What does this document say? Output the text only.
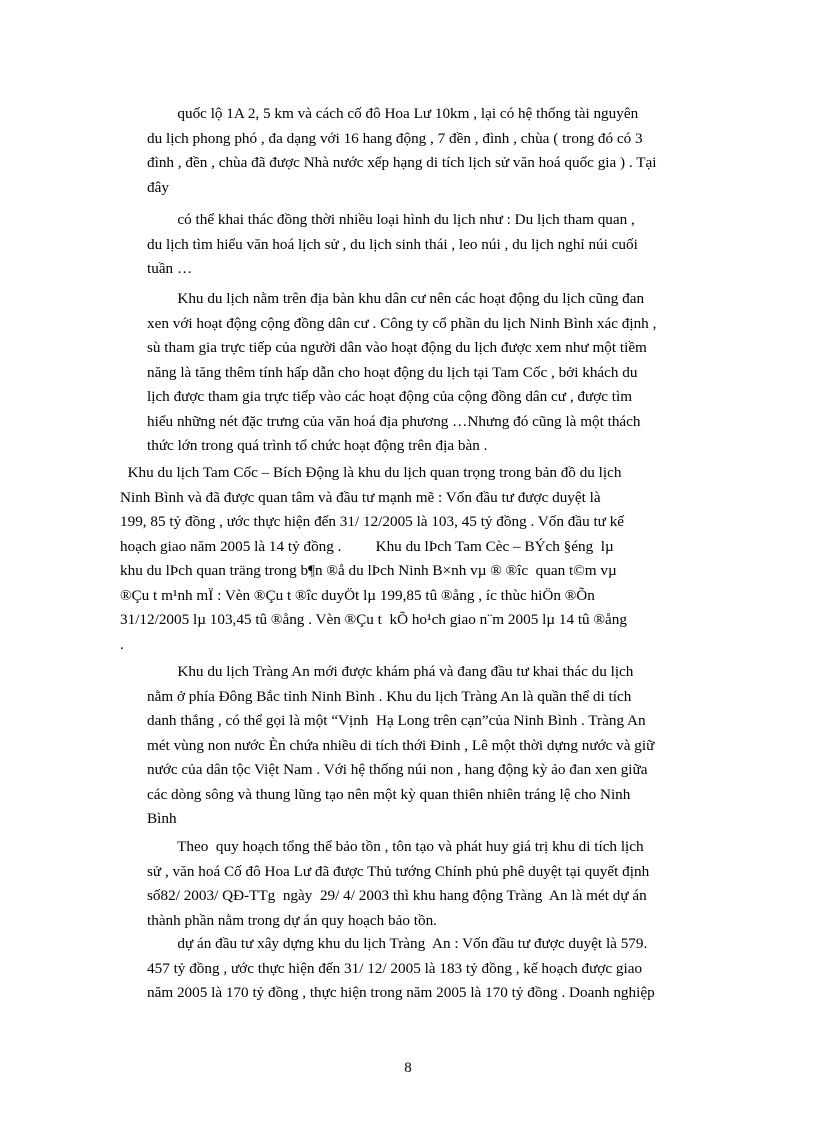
quốc lộ 1A 2, 5 km và cách cố đô Hoa Lư 10km , lại có hệ thống tài nguyên
du lịch phong phó , đa dạng với 16 hang động , 7 đền , đình , chùa ( trong đó có 3
đình , đền , chùa đã được Nhà nước xếp hạng di tích lịch sử văn hoá quốc gia ) . Tại
đây
có thể khai thác đồng thời nhiều loại hình du lịch như : Du lịch tham quan ,
du lịch tìm hiểu văn hoá lịch sử , du lịch sinh thái , leo núi , du lịch nghỉ núi cuối
tuần …
Khu du lịch nằm trên địa bàn khu dân cư nên các hoạt động du lịch cũng đan
xen với hoạt động cộng đồng dân cư . Công ty cổ phần du lịch Ninh Bình xác định ,
sù tham gia trực tiếp của người dân vào hoạt động du lịch được xem như một tiềm
năng là tăng thêm tính hấp dẫn cho hoạt động du lịch tại Tam Cốc , bởi khách du
lịch được tham gia trực tiếp vào các hoạt động của cộng đồng dân cư , được tìm
hiểu những nét đặc trưng của văn hoá địa phương …Nhưng đó cũng là một thách
thức lớn trong quá trình tổ chức hoạt động trên địa bàn .
Khu du lịch Tam Cốc – Bích Động là khu du lịch quan trọng trong bản đồ du lịch
Ninh Bình và đã được quan tâm và đầu tư mạnh mẽ : Vốn đầu tư được duyệt là
199, 85 tỷ đồng , ước thực hiện đến 31/ 12/2005 là 103, 45 tỷ đồng . Vốn đầu tư kế
hoạch giao năm 2005 là 14 tỷ đồng .         Khu du lÞch Tam Cèc – BÝch §éng  lµ
khu du lÞch quan träng trong b¶n ®å du lÞch Ninh B×nh vµ ® ®îc  quan t©m vµ
®Çu t m¹nh mÏ : Vèn ®Çu t ®îc duyÖt lµ 199,85 tû ®ång , íc thùc hiÖn ®Õn
31/12/2005 lµ 103,45 tû ®ång . Vèn ®Çu t  kÕ ho¹ch giao n¨m 2005 lµ 14 tû ®ång
.
Khu du lịch Tràng An mới được khám phá và đang đầu tư khai thác du lịch
nằm ở phía Đông Bắc tỉnh Ninh Bình . Khu du lịch Tràng An là quần thể di tích
danh thắng , có thể gọi là một “Vịnh  Hạ Long trên cạn”của Ninh Bình . Tràng An
mét vùng non nước Èn chứa nhiều di tích thới Đinh , Lê một thời dựng nước và giữ
nước của dân tộc Việt Nam . Với hệ thống núi non , hang động kỳ ảo đan xen giữa
các dòng sông và thung lũng tạo nên một kỳ quan thiên nhiên tráng lệ cho Ninh
Bình
Theo  quy hoạch tổng thể bảo tồn , tôn tạo và phát huy giá trị khu di tích lịch
sử , văn hoá Cố đô Hoa Lư đã được Thủ tướng Chính phủ phê duyệt tại quyết định
số82/ 2003/ QĐ-TTg  ngày  29/ 4/ 2003 thì khu hang động Tràng  An là mét dự án
thành phần nằm trong dự án quy hoạch bảo tồn.
dự án đầu tư xây dựng khu du lịch Tràng  An : Vốn đầu tư được duyệt là 579.
457 tỷ đồng , ước thực hiện đến 31/ 12/ 2005 là 183 tỷ đồng , kế hoạch được giao
năm 2005 là 170 tỷ đồng , thực hiện trong năm 2005 là 170 tỷ đồng . Doanh nghiệp
8
